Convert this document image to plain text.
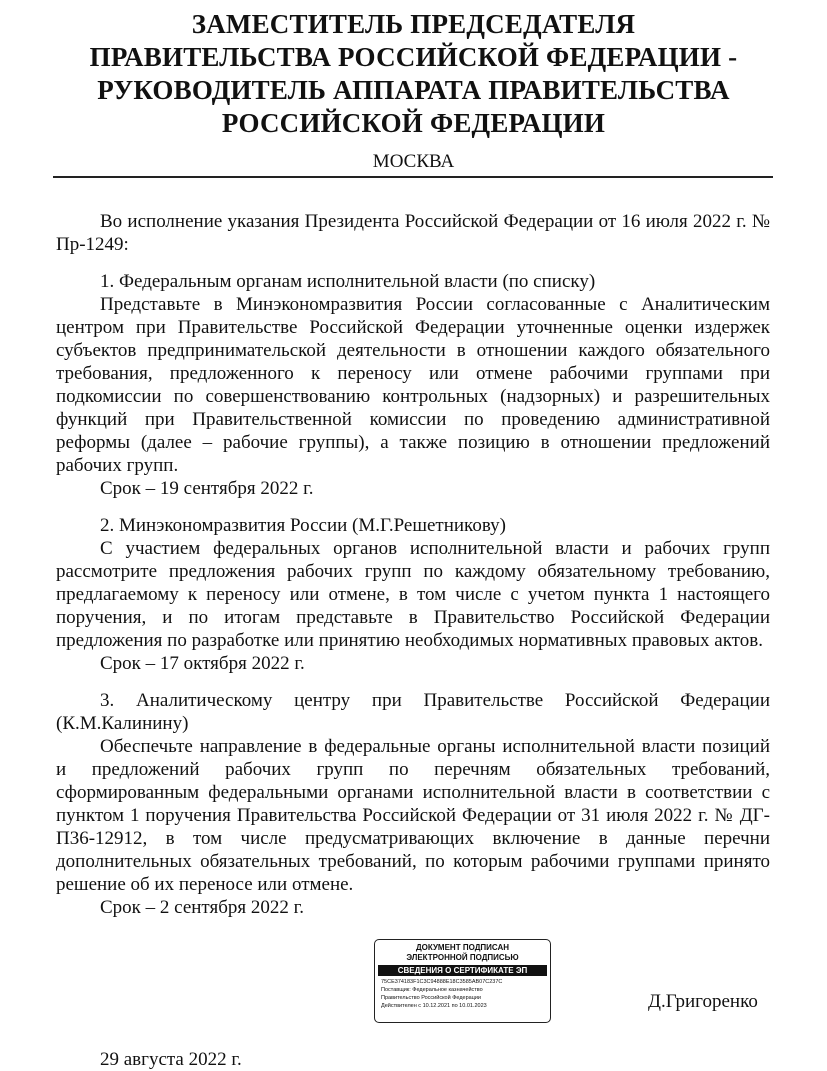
ЗАМЕСТИТЕЛЬ ПРЕДСЕДАТЕЛЯ
ПРАВИТЕЛЬСТВА РОССИЙСКОЙ ФЕДЕРАЦИИ -
РУКОВОДИТЕЛЬ АППАРАТА ПРАВИТЕЛЬСТВА
РОССИЙСКОЙ ФЕДЕРАЦИИ
МОСКВА

Во исполнение указания Президента Российской Федерации от 16 июля 2022 г. № Пр-1249:

1. Федеральным органам исполнительной власти (по списку)

Представьте в Минэкономразвития России согласованные с Аналитическим центром при Правительстве Российской Федерации уточненные оценки издержек субъектов предпринимательской деятельности в отношении каждого обязательного требования, предложенного к переносу или отмене рабочими группами при подкомиссии по совершенствованию контрольных (надзорных) и разрешительных функций при Правительственной комиссии по проведению административной реформы (далее – рабочие группы), а также позицию в отношении предложений рабочих групп.

Срок – 19 сентября 2022 г.

2. Минэкономразвития России (М.Г.Решетникову)

С участием федеральных органов исполнительной власти и рабочих групп рассмотрите предложения рабочих групп по каждому обязательному требованию, предлагаемому к переносу или отмене, в том числе с учетом пункта 1 настоящего поручения, и по итогам представьте в Правительство Российской Федерации предложения по разработке или принятию необходимых нормативных правовых актов.

Срок – 17 октября 2022 г.

3. Аналитическому центру при Правительстве Российской Федерации (К.М.Калинину)

Обеспечьте направление в федеральные органы исполнительной власти позиций и предложений рабочих групп по перечням обязательных требований, сформированным федеральными органами исполнительной власти в соответствии с пунктом 1 поручения Правительства Российской Федерации от 31 июля 2022 г. № ДГ-П36-12912, в том числе предусматривающих включение в данные перечни дополнительных обязательных требований, по которым рабочими группами принято решение об их переносе или отмене.

Срок – 2 сентября 2022 г.

ДОКУМЕНТ ПОДПИСАН
ЭЛЕКТРОННОЙ ПОДПИСЬЮ
СВЕДЕНИЯ О СЕРТИФИКАТЕ ЭП
75CE374183F1C3C94888E18C3585AB07C237C
Поставщик: Федеральное казначейство
Правительство Российской Федерации
Действителен с 10.12.2021 по 10.01.2023	Д.Григоренко
29 августа 2022 г.
